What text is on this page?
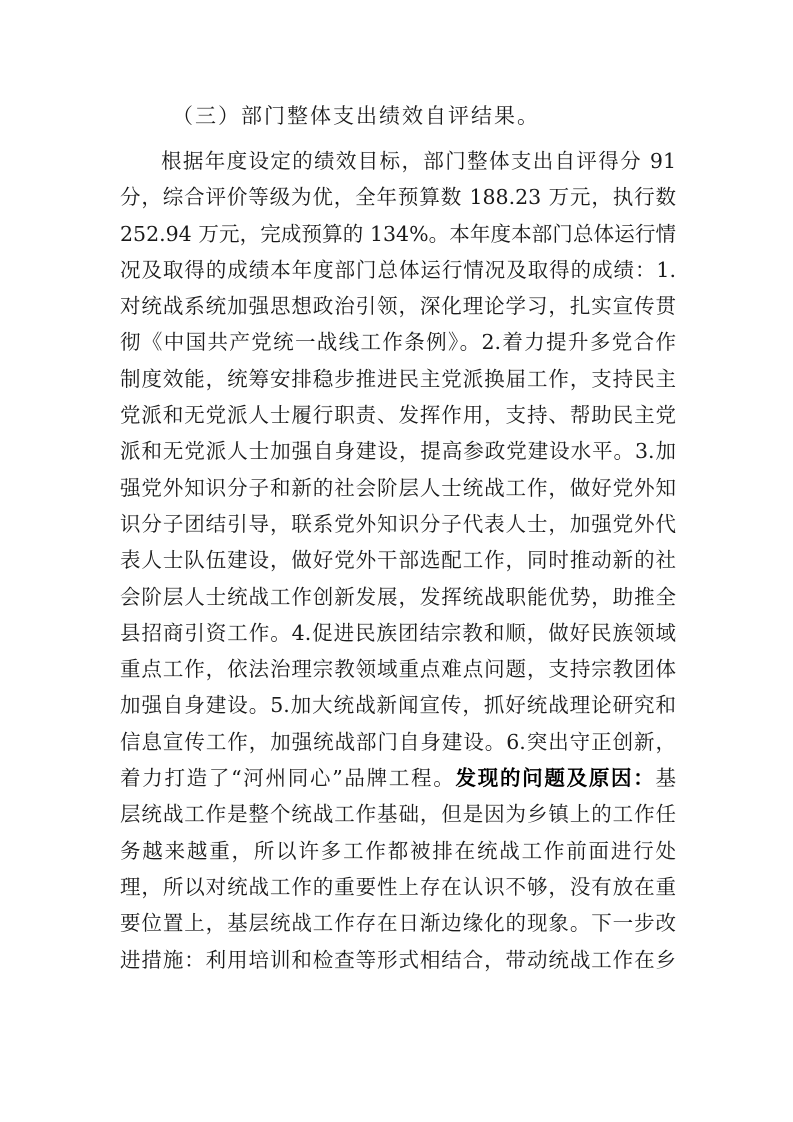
（三）部门整体支出绩效自评结果。
根据年度设定的绩效目标，部门整体支出自评得分 91
分，综合评价等级为优，全年预算数 188.23 万元，执行数
252.94 万元，完成预算的 134%。本年度本部门总体运行情
况及取得的成绩本年度部门总体运行情况及取得的成绩：1.
对统战系统加强思想政治引领，深化理论学习，扎实宣传贯
彻《中国共产党统一战线工作条例》。2.着力提升多党合作
制度效能，统筹安排稳步推进民主党派换届工作，支持民主
党派和无党派人士履行职责、发挥作用，支持、帮助民主党
派和无党派人士加强自身建设，提高参政党建设水平。3.加
强党外知识分子和新的社会阶层人士统战工作，做好党外知
识分子团结引导，联系党外知识分子代表人士，加强党外代
表人士队伍建设，做好党外干部选配工作，同时推动新的社
会阶层人士统战工作创新发展，发挥统战职能优势，助推全
县招商引资工作。4.促进民族团结宗教和顺，做好民族领域
重点工作，依法治理宗教领域重点难点问题，支持宗教团体
加强自身建设。5.加大统战新闻宣传，抓好统战理论研究和
信息宣传工作，加强统战部门自身建设。6.突出守正创新，
着力打造了“河州同心”品牌工程。发现的问题及原因：基
层统战工作是整个统战工作基础，但是因为乡镇上的工作任
务越来越重，所以许多工作都被排在统战工作前面进行处
理，所以对统战工作的重要性上存在认识不够，没有放在重
要位置上，基层统战工作存在日渐边缘化的现象。下一步改
进措施：利用培训和检查等形式相结合，带动统战工作在乡
